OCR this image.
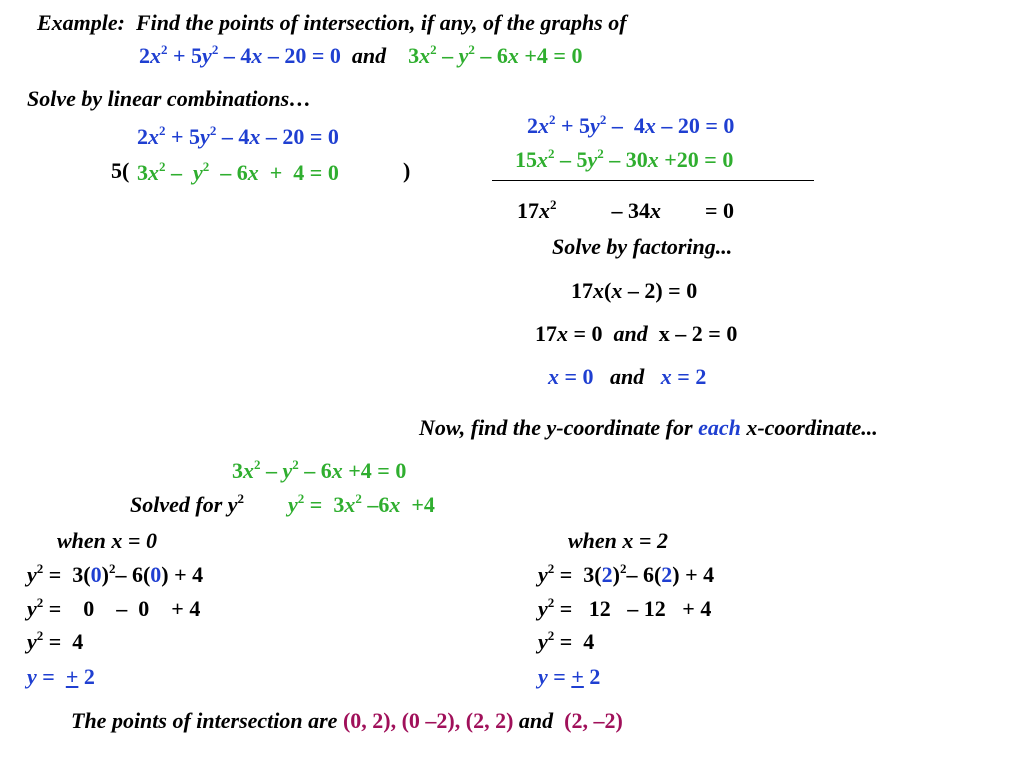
Example: Find the points of intersection, if any, of the graphs of
$2x^2 + 5y^2 - 4x - 20 = 0$ and $3x^2 - y^2 - 6x +4 = 0$
Solve by linear combinations…
$2x^2 + 5y^2 - 4x - 20 = 0$
5( $3x^2 - y^2 - 6x + 4 = 0$	)
$2x^2 + 5y^2 - 4x - 20 = 0$
$15x^2 - 5y^2 - 30x +20 = 0$
$17x^2$          – 34x        = 0
Solve by factoring...
17x(x – 2) = 0
17x = 0  and  x – 2 = 0
x = 0 and x = 2
Now, find the y-coordinate for each x-coordinate...
$3x^2 - y^2 - 6x +4 = 0$
Solved for $y^2$ $y^2 = 3x^2$ –6x  +4
when x = 0
$y^2 = 3(0)^2-$ 6(0) + 4
$y^2$ =    0    –  0    + 4
$y^2 = 4$
y =  + 2
when x = 2
$y^2 = 3(2)^2-$ 6(2) + 4
$y^2 = 12 - 12 + 4$
$y^2 = 4$
y = + 2
The points of intersection are (0, 2), (0 –2), (2, 2) and (2, –2)
